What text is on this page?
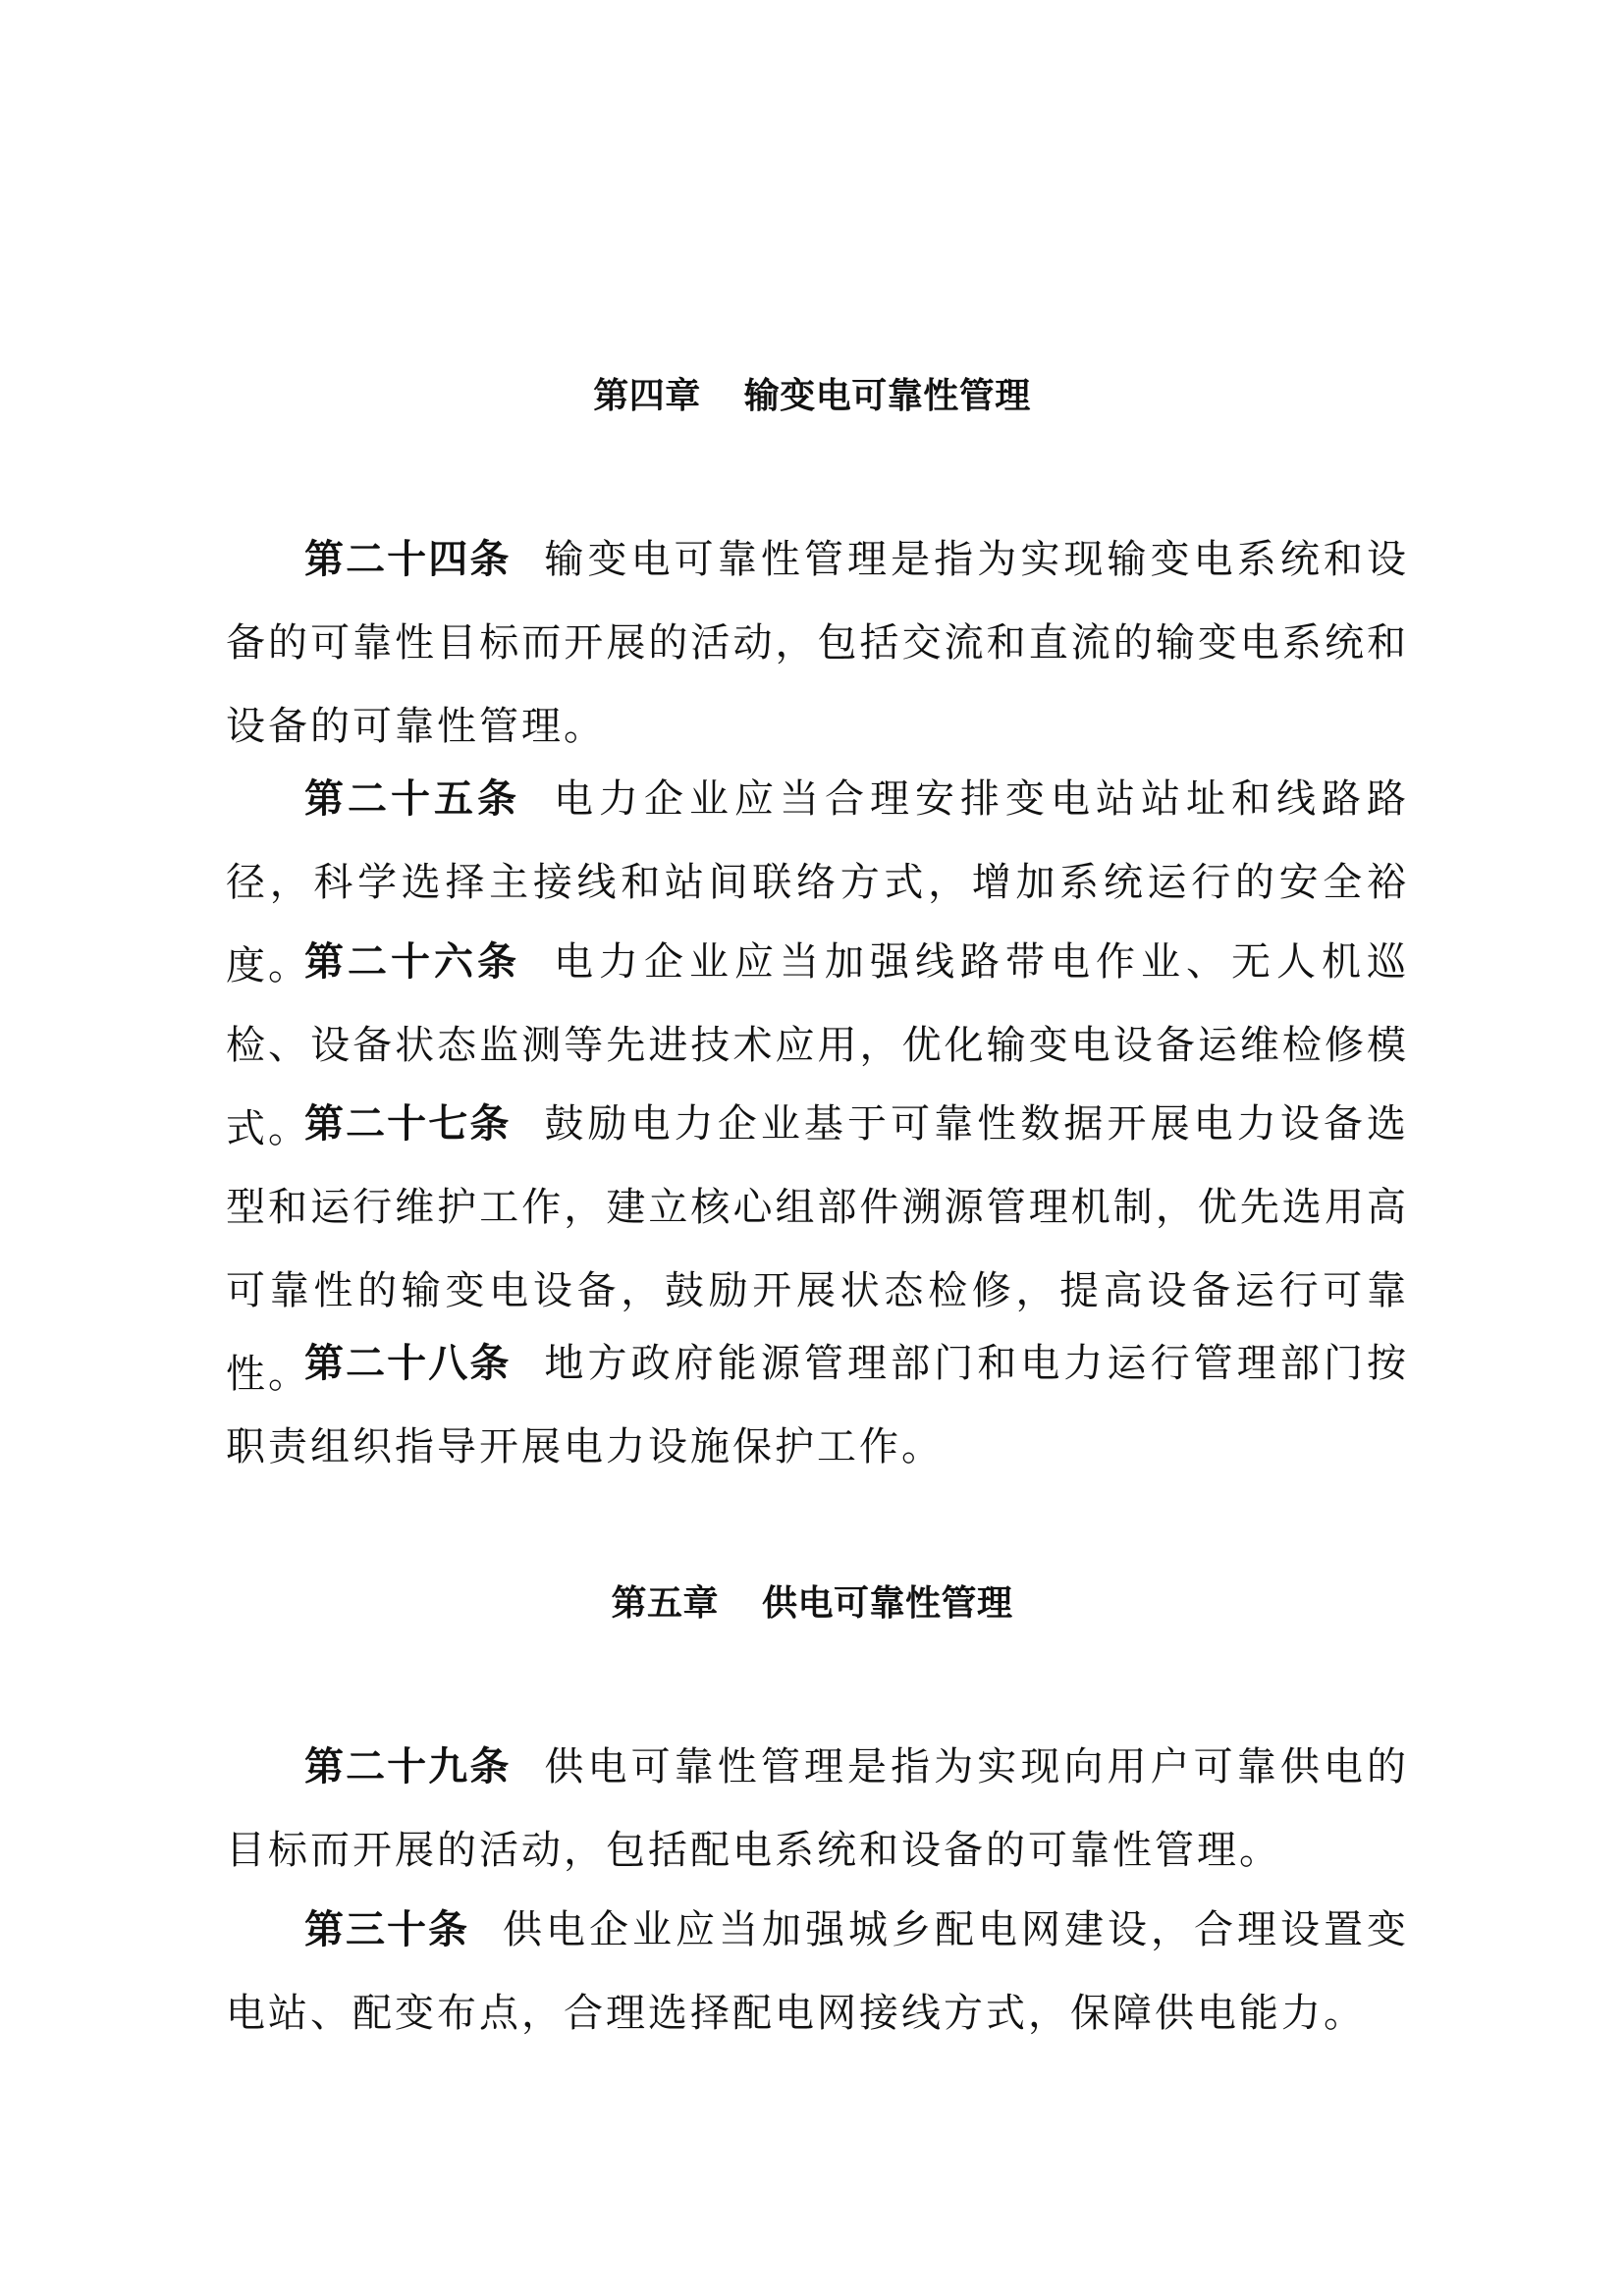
第四章 输变电可靠性管理

第二十四条 输变电可靠性管理是指为实现输变电系统和设备的可靠性目标而开展的活动，包括交流和直流的输变电系统和设备的可靠性管理。

第二十五条 电力企业应当合理安排变电站站址和线路路径，科学选择主接线和站间联络方式，增加系统运行的安全裕度。

第二十六条 电力企业应当加强线路带电作业、无人机巡检、设备状态监测等先进技术应用，优化输变电设备运维检修模式。

第二十七条 鼓励电力企业基于可靠性数据开展电力设备选型和运行维护工作，建立核心组部件溯源管理机制，优先选用高可靠性的输变电设备，鼓励开展状态检修，提高设备运行可靠性。

第二十八条 地方政府能源管理部门和电力运行管理部门按职责组织指导开展电力设施保护工作。

第五章 供电可靠性管理

第二十九条 供电可靠性管理是指为实现向用户可靠供电的目标而开展的活动，包括配电系统和设备的可靠性管理。

第三十条 供电企业应当加强城乡配电网建设，合理设置变电站、配变布点，合理选择配电网接线方式，保障供电能力。
